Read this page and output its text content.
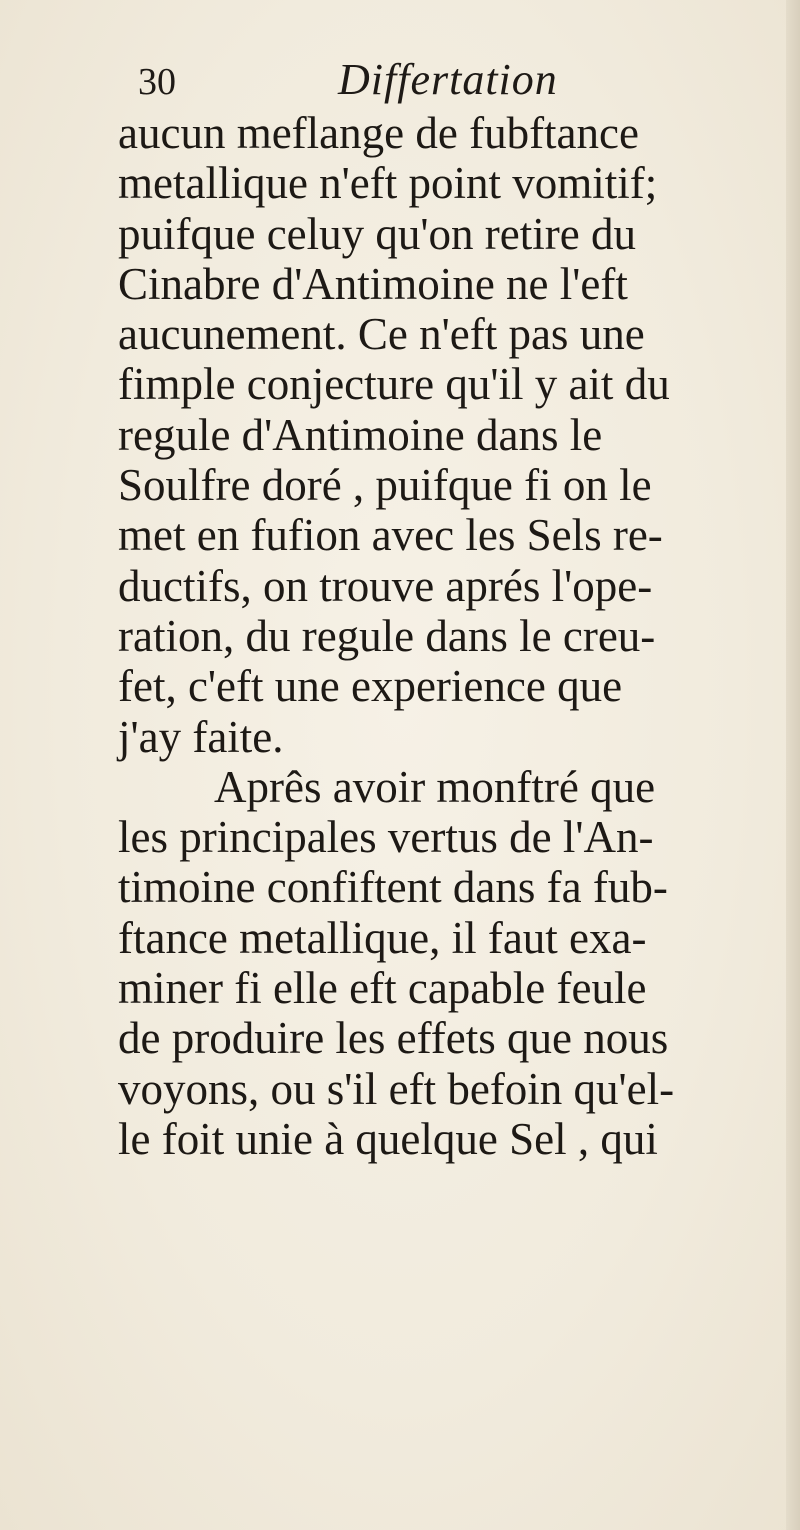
30	Differtation
aucun meflange de fubftance
metallique n'eft point vomitif;
puifque celuy qu'on retire du
Cinabre d'Antimoine ne l'eft
aucunement. Ce n'eft pas une
fimple conjecture qu'il y ait du
regule d'Antimoine dans le
Soulfre doré , puifque fi on le
met en fufion avec les Sels re-
ductifs, on trouve aprés l'ope-
ration, du regule dans le creu-
fet, c'eft une experience que
j'ay faite.
Aprês avoir monftré que
les principales vertus de l'An-
timoine confiftent dans fa fub-
ftance metallique, il faut exa-
miner fi elle eft capable feule
de produire les effets que nous
voyons, ou s'il eft befoin qu'el-
le foit unie à quelque Sel , qui
